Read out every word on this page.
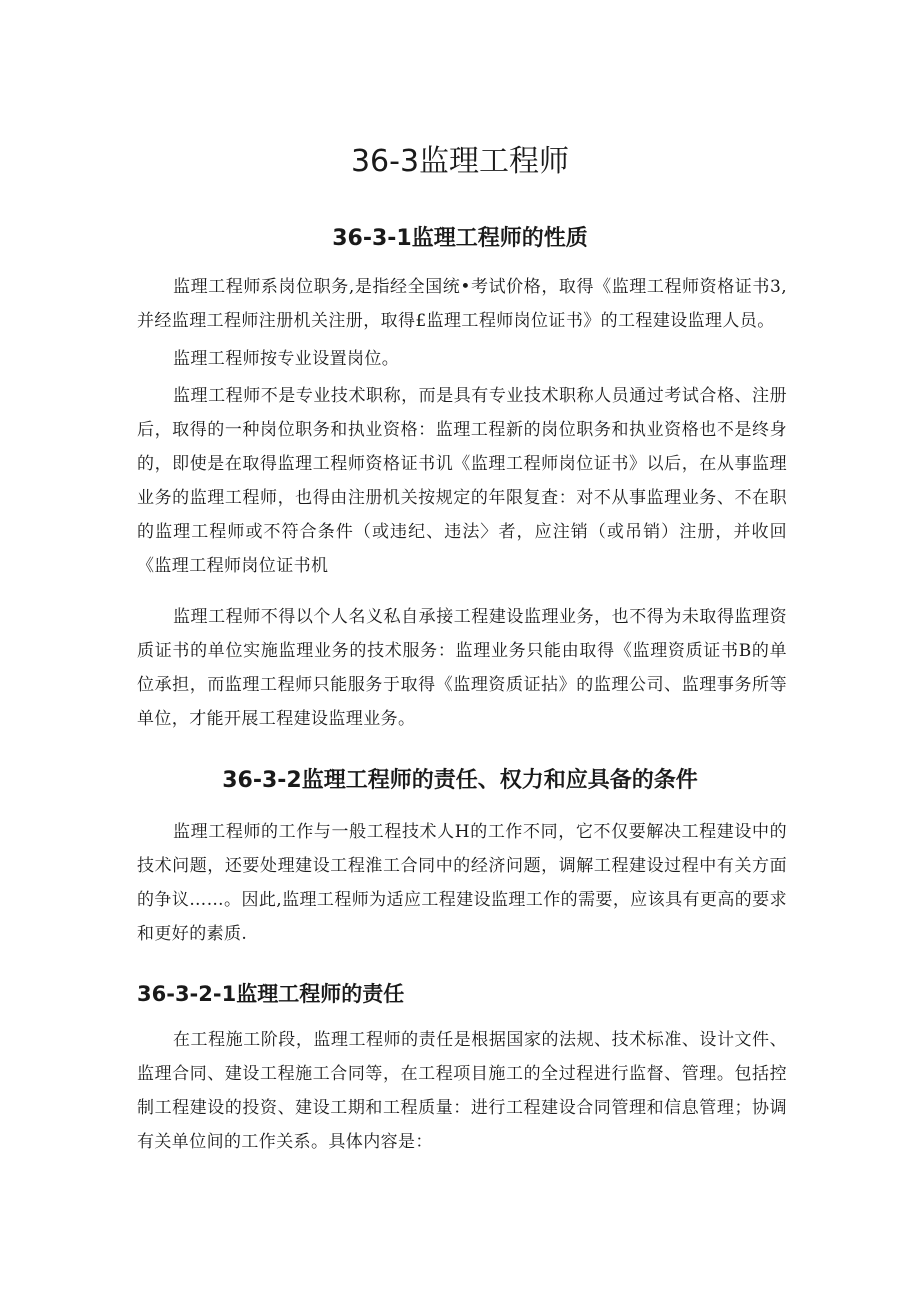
36-3监理工程师
36-3-1监理工程师的性质

监理工程师系岗位职务,是指经全国统•考试价格，取得《监理工程师资格证书3,并经监理工程师注册机关注册，取得£监理工程师岗位证书》的工程建设监理人员。

监理工程师按专业设置岗位。

监理工程师不是专业技术职称，而是具有专业技术职称人员通过考试合格、注册后，取得的一种岗位职务和执业资格：监理工程新的岗位职务和执业资格也不是终身的，即使是在取得监理工程师资格证书讥《监理工程师岗位证书》以后，在从事监理业务的监理工程师，也得由注册机关按规定的年限复査：对不从事监理业务、不在职的监理工程师或不符合条件（或违纪、违法〉者，应注销（或吊销）注册，并收回《监理工程师岗位证书机

监理工程师不得以个人名义私自承接工程建设监理业务，也不得为未取得监理资质证书的单位实施监理业务的技术服务：监理业务只能由取得《监理资质证书B的单位承担，而监理工程师只能服务于取得《监理资质证拈》的监理公司、监理事务所等单位，才能开展工程建设监理业务。

36-3-2监理工程师的责任、权力和应具备的条件

监理工程师的工作与一般工程技术人H的工作不同，它不仅要解决工程建设中的技术问题，还要处理建设工程淮工合同中的经济问题，调解工程建设过程中有关方面的争议……。因此,监理工程师为适应工程建设监理工作的需要，应该具有更高的要求和更好的素质.

36-3-2-1监理工程师的责任

在工程施工阶段，监理工程师的责任是根据国家的法规、技术标准、设计文件、监理合同、建设工程施工合同等，在工程项目施工的全过程进行监督、管理。包括控制工程建设的投资、建设工期和工程质量：进行工程建设合同管理和信息管理；协调有关单位间的工作关系。具体内容是：
